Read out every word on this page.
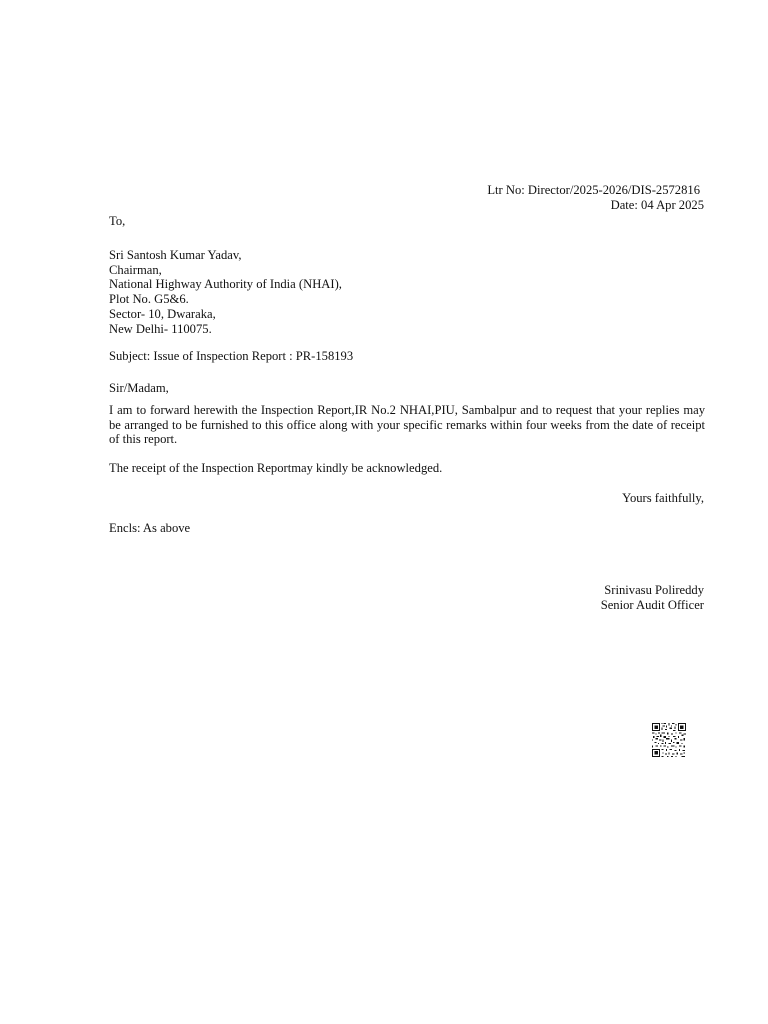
Ltr No: Director/2025-2026/DIS-2572816
Date: 04 Apr 2025
To,
Sri Santosh Kumar Yadav,
Chairman,
National Highway Authority of India (NHAI),
Plot No. G5&6.
Sector- 10, Dwaraka,
New Delhi- 110075.
Subject: Issue of Inspection Report : PR-158193
Sir/Madam,
I am to forward herewith the Inspection Report,IR No.2 NHAI,PIU, Sambalpur and to request that your replies may be arranged to be furnished to this office along with your specific remarks within four weeks from the date of receipt of this report.
The receipt of the Inspection Reportmay kindly be acknowledged.
Yours faithfully,
Encls: As above
Srinivasu Polireddy
Senior Audit Officer
